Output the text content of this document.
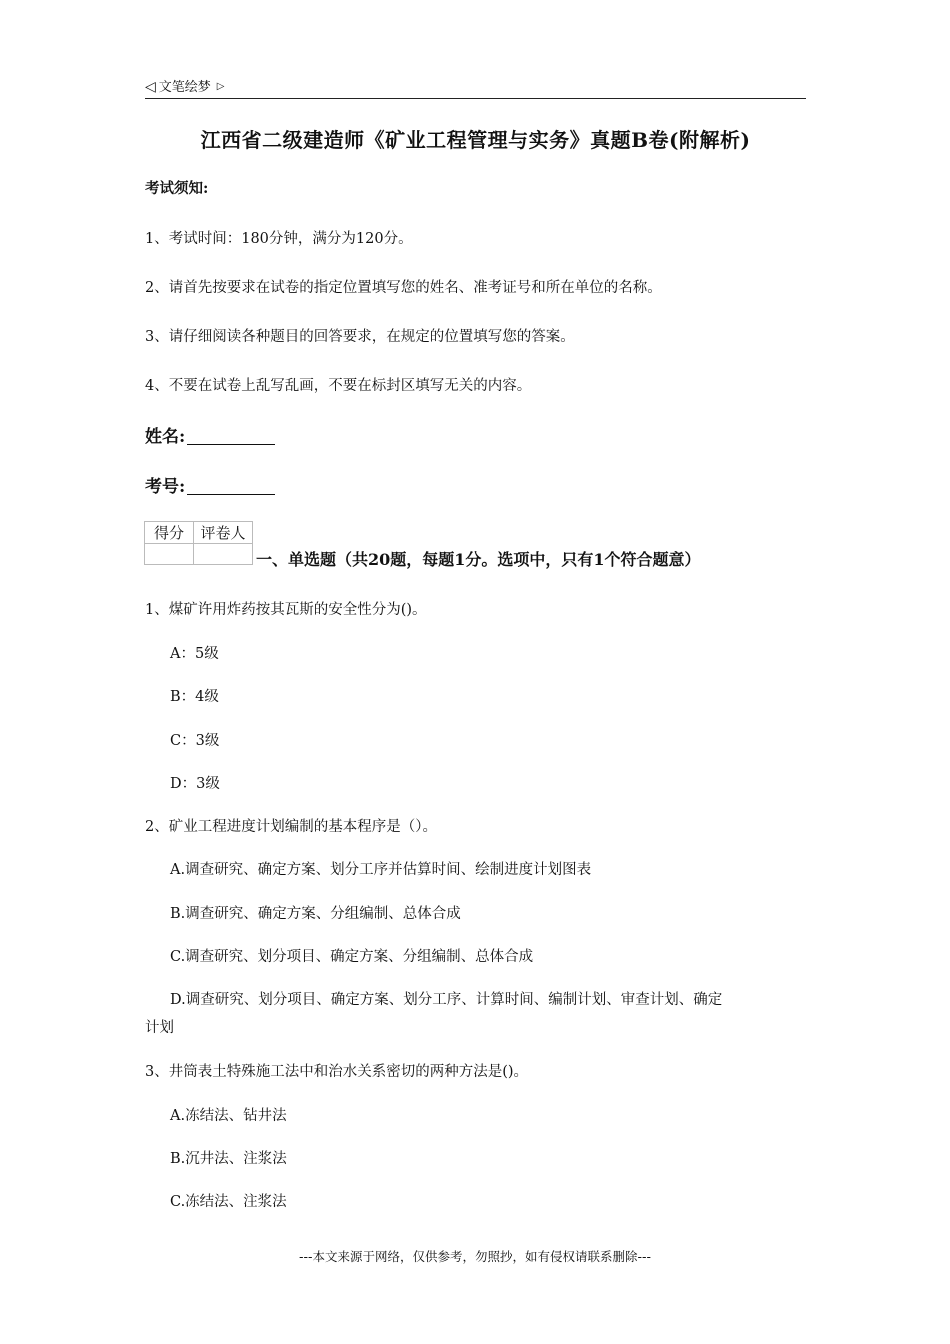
◁ 文笔绘梦 ▷
江西省二级建造师《矿业工程管理与实务》真题B卷(附解析)
考试须知:
1、考试时间：180分钟，满分为120分。
2、请首先按要求在试卷的指定位置填写您的姓名、准考证号和所在单位的名称。
3、请仔细阅读各种题目的回答要求，在规定的位置填写您的答案。
4、不要在试卷上乱写乱画，不要在标封区填写无关的内容。
姓名:
考号:
得分	评卷人

一、单选题（共20题，每题1分。选项中，只有1个符合题意）
1、煤矿许用炸药按其瓦斯的安全性分为()。
A：5级
B：4级
C：3级
D：3级
2、矿业工程进度计划编制的基本程序是（）。
A.调查研究、确定方案、划分工序并估算时间、绘制进度计划图表
B.调查研究、确定方案、分组编制、总体合成
C.调查研究、划分项目、确定方案、分组编制、总体合成
D.调查研究、划分项目、确定方案、划分工序、计算时间、编制计划、审查计划、确定
计划
3、井筒表土特殊施工法中和治水关系密切的两种方法是()。
A.冻结法、钻井法
B.沉井法、注浆法
C.冻结法、注浆法
---本文来源于网络，仅供参考，勿照抄，如有侵权请联系删除---
